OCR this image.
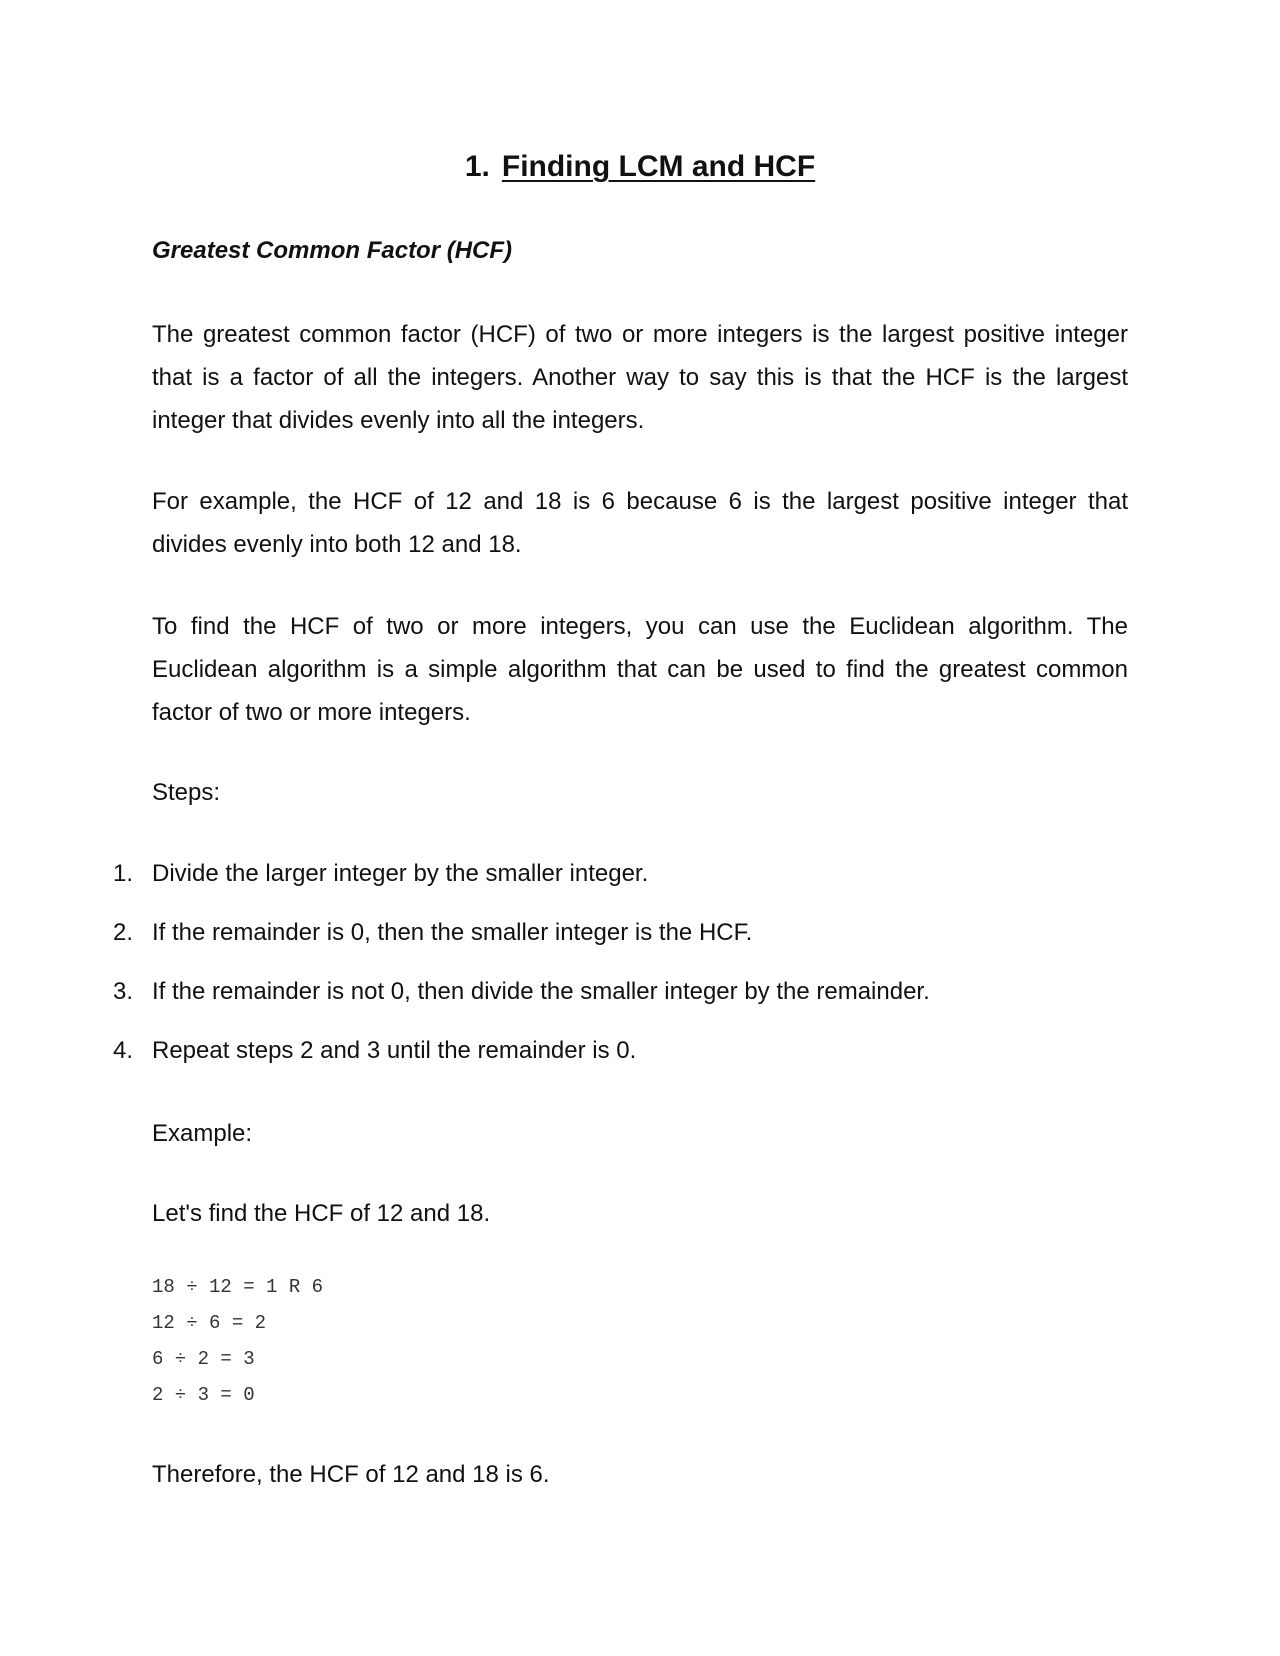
1. Finding LCM and HCF
Greatest Common Factor (HCF)

The greatest common factor (HCF) of two or more integers is the largest positive integer that is a factor of all the integers. Another way to say this is that the HCF is the largest integer that divides evenly into all the integers.

For example, the HCF of 12 and 18 is 6 because 6 is the largest positive integer that divides evenly into both 12 and 18.

To find the HCF of two or more integers, you can use the Euclidean algorithm. The Euclidean algorithm is a simple algorithm that can be used to find the greatest common factor of two or more integers.

Steps:

1. Divide the larger integer by the smaller integer.
2. If the remainder is 0, then the smaller integer is the HCF.
3. If the remainder is not 0, then divide the smaller integer by the remainder.
4. Repeat steps 2 and 3 until the remainder is 0.

Example:

Let's find the HCF of 12 and 18.

18 ÷ 12 = 1 R 6
12 ÷ 6 = 2
6 ÷ 2 = 3
2 ÷ 3 = 0

Therefore, the HCF of 12 and 18 is 6.
